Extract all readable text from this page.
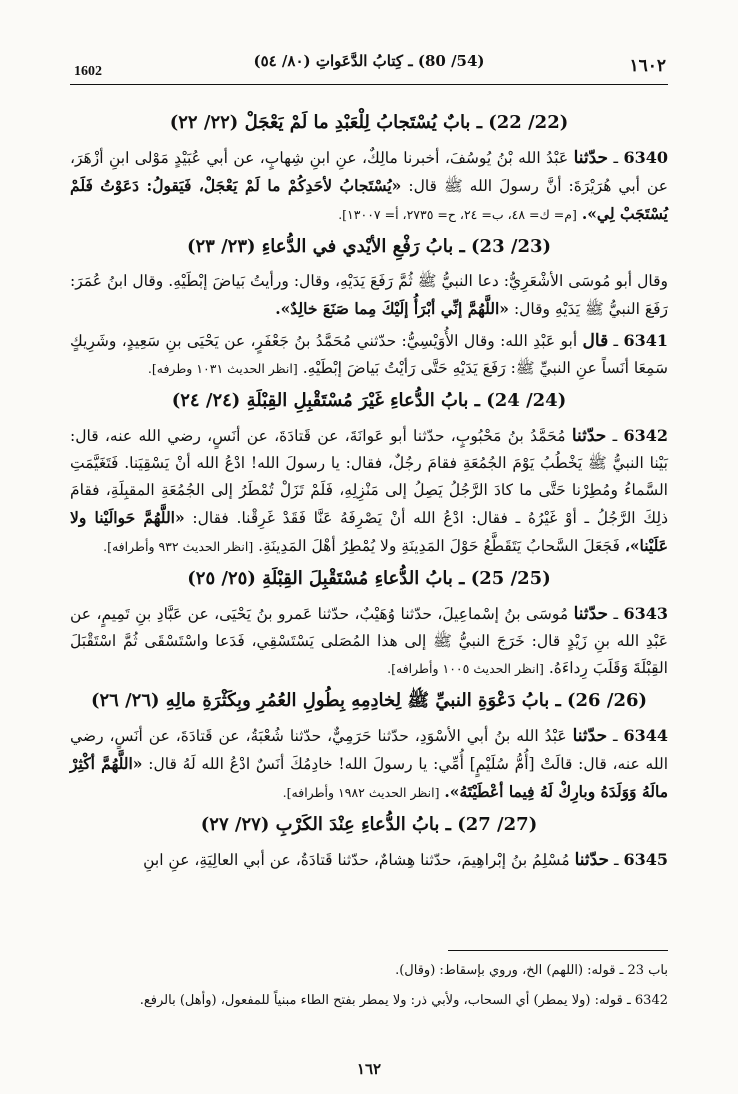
1602
(54/ 80) ـ كِتابُ الدَّعَواتِ (٨٠/ ٥٤)	١٦٠٢
(22/ 22) ـ بابٌ يُسْتَجابُ لِلْعَبْدِ ما لَمْ يَعْجَلْ (٢٢/ ٢٢)

6340 ـ حدّثنا عَبْدُ الله بْنُ يُوسُفَ، أخبرنا مالِكٌ، عنِ ابنِ شِهابٍ، عن أبي عُبَيْدٍ مَوْلى ابنِ أزْهَرَ، عن أبي هُرَيْرَةَ: أنَّ رسولَ الله ﷺ قال: «يُسْتَجابُ لأحَدِكُمْ ما لَمْ يَعْجَلْ، فَيَقولُ: دَعَوْتُ فَلَمْ يُسْتَجَبْ لِي». [م= ك= ٤٨، ب= ٢٤، ح= ٢٧٣٥، أ= ١٣٠٠٧].

(23/ 23) ـ بابُ رَفْعِ الأيْدي في الدُّعاءِ (٢٣/ ٢٣)

وقال أبو مُوسَى الأشْعَرِيُّ: دعا النبيُّ ﷺ ثُمَّ رَفَعَ يَدَيْهِ، وقال: ورأيتُ بَياضَ إبْطَيْهِ. وقال ابنُ عُمَرَ: رَفَعَ النبيُّ ﷺ يَدَيْهِ وقال: «اللَّهُمَّ إنِّي أبْرَأُ إلَيْكَ مِما صَنَعَ خالِدٌ».

6341 ـ قال أبو عَبْدِ الله: وقال الأُوَيْسِيُّ: حدّثني مُحَمَّدُ بنُ جَعْفَرٍ، عن يَحْيَى بنِ سَعِيدٍ، وشَرِيكٍ سَمِعَا أنَساً عنِ النبيِّ ﷺ: رَفَعَ يَدَيْهِ حَتَّى رَأيْتُ بَياضَ إبْطَيْهِ. [انظر الحديث ١٠٣١ وطرفه].

(24/ 24) ـ بابُ الدُّعاءِ غَيْرَ مُسْتَقْبِلِ القِبْلَةِ (٢٤/ ٢٤)

6342 ـ حدّثنا مُحَمَّدُ بنُ مَحْبُوبٍ، حدّثنا أبو عَوانَةَ، عن قَتادَةَ، عن أنَسٍ، رضي الله عنه، قال: بَيْنا النبيُّ ﷺ يَخْطُبُ يَوْمَ الجُمُعَةِ فقامَ رجُلٌ، فقال: يا رسولَ الله! ادْعُ الله أنْ يَسْقِيَنا. فَتَغَيَّمَتِ السَّماءُ ومُطِرْنا حَتَّى ما كادَ الرَّجُلُ يَصِلُ إلى مَنْزِلِهِ، فَلَمْ تَزَلْ تُمْطَرُ إلى الجُمُعَةِ المقبِلَةِ، فقامَ ذلِكَ الرَّجُلُ ـ أوْ غَيْرُهُ ـ فقال: ادْعُ الله أنْ يَصْرِفَهُ عَنَّا فَقَدْ غَرِقْنا. فقال: «اللَّهُمَّ حَوالَيْنا ولا عَلَيْنا»، فَجَعَلَ السَّحابُ يَتَقَطَّعُ حَوْلَ المَدِينَةِ ولا يُمْطِرُ أهْلَ المَدِينَةِ. [انظر الحديث ٩٣٢ وأطرافه].

(25/ 25) ـ بابُ الدُّعاءِ مُسْتَقْبِلَ القِبْلَةِ (٢٥/ ٢٥)

6343 ـ حدّثنا مُوسَى بنُ إسْماعِيلَ، حدّثنا وُهَيْبٌ، حدّثنا عَمرو بنُ يَحْيَى، عن عَبَّادِ بنِ تَمِيمٍ، عن عَبْدِ الله بنِ زَيْدٍ قال: خَرَجَ النبيُّ ﷺ إلى هذا المُصَلى يَسْتَسْقِي، فَدَعا واسْتَسْقَى ثُمَّ اسْتَقْبَلَ القِبْلَةَ وَقَلَبَ رِداءَهُ. [انظر الحديث ١٠٠٥ وأطرافه].

(26/ 26) ـ بابُ دَعْوَةِ النبيِّ ﷺ لِخادِمِهِ بِطُولِ العُمُرِ وبِكَثْرَةِ مالِهِ (٢٦/ ٢٦)

6344 ـ حدّثنا عَبْدُ الله بنُ أبي الأسْوَدِ، حدّثنا حَرَمِيٌّ، حدّثنا شُعْبَةُ، عن قَتادَةَ، عن أنَسٍ، رضي الله عنه، قال: قالَتْ [أُمُّ سُلَيْمٍ] أُمِّي: يا رسولَ الله! خادِمُكَ أنَسٌ ادْعُ الله لَهُ قال: «اللَّهُمَّ أكْثِرْ مالَهُ وَوَلَدَهُ وبارِكْ لَهُ فِيما أعْطَيْتَهُ». [انظر الحديث ١٩٨٢ وأطرافه].

(27/ 27) ـ بابُ الدُّعاءِ عِنْدَ الكَرْبِ (٢٧/ ٢٧)

6345 ـ حدّثنا مُسْلِمُ بنُ إبْراهِيمَ، حدّثنا هِشامٌ، حدّثنا قَتادَةُ، عن أبي العالِيَةِ، عنِ ابنِ

باب 23 ـ قوله: (اللهم) الخ، وروي بإسقاط: (وقال).
6342 ـ قوله: (ولا يمطر) أي السحاب، ولأبي ذر: ولا يمطر بفتح الطاء مبنياً للمفعول، (وأهل) بالرفع.
١٦٢
